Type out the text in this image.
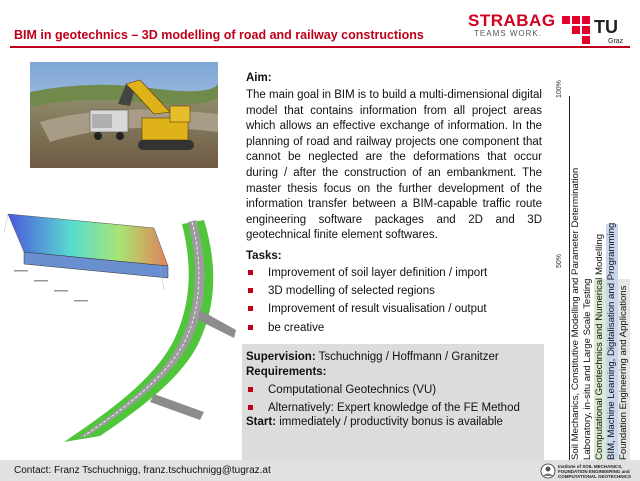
BIM in geotechnics – 3D modelling of road and railway constructions
STRABAG
TEAMS WORK.	TU
Graz
Aim:
The main goal in BIM is to build a multi-dimensional digital model that contains information from all project areas which allows an effective exchange of information. In the planning of road and railway projects one component that cannot be neglected are the deformations that occur during / after the construction of an embankment. The master thesis focus on the further development of the information transfer between a BIM-capable traffic route engineering software packages and 2D and 3D geotechnical finite element softwares.
Tasks:
Improvement of soil layer definition / import
3D modelling of selected regions
Improvement of result visualisation / output
be creative
Supervision: Tschuchnigg / Hoffmann / Granitzer
Requirements:
Computational Geotechnics (VU)
Alternatively: Expert knowledge of the FE Method
Start: immediately / productivity bonus is available	Soil Mechanics, Constitutive Modelling and Parameter Determination Laboratory, in-situ and Large Scale Testing Computational Geotechnics and Numerical Modelling BIM, Machine Learning, Digitalisation and Programming Foundation Engineering and Applications
100%
50%
Contact: Franz Tschuchnigg, franz.tschuchnigg@tugraz.at	Institute of SOIL MECHANICS,
FOUNDATION ENGINEERING and
COMPUTATIONAL GEOTECHNICS
